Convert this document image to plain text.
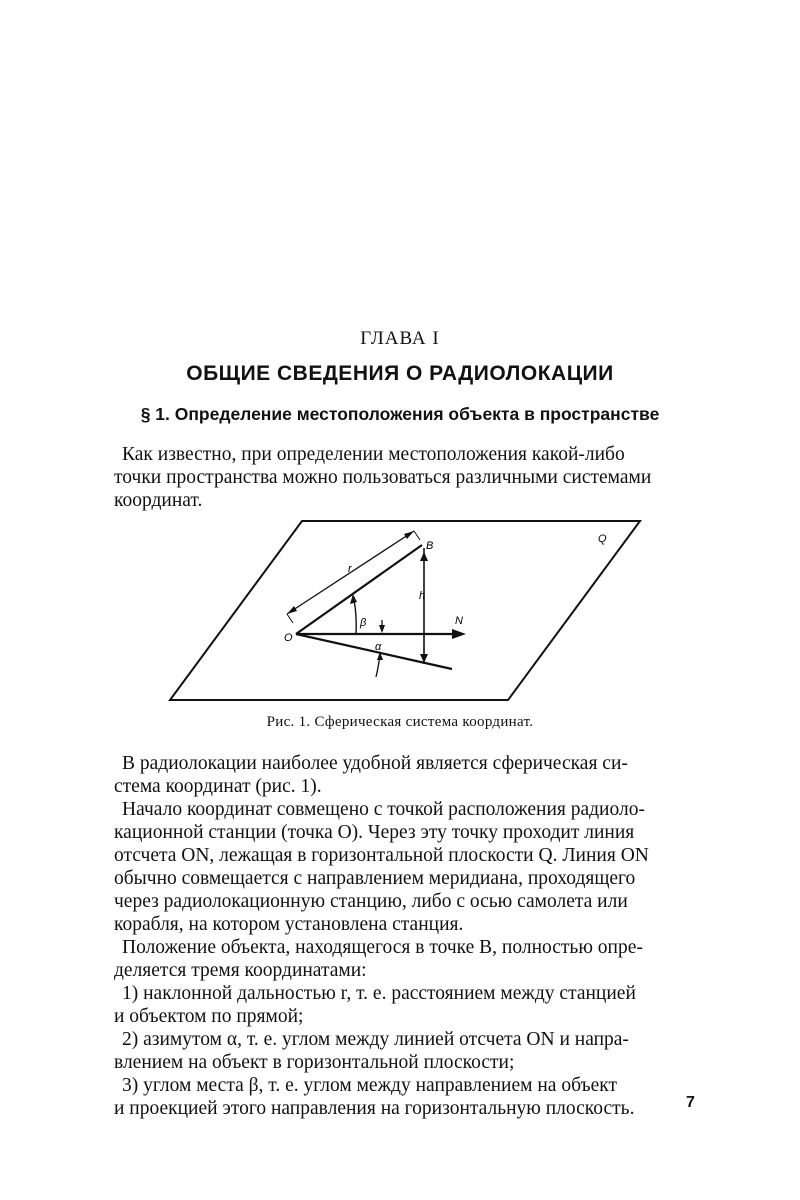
ГЛАВА I
ОБЩИЕ СВЕДЕНИЯ О РАДИОЛОКАЦИИ
§ 1. Определение местоположения объекта в пространстве
Как известно, при определении местоположения какой-либо
точки пространства можно пользоваться различными системами
координат.
Q
B
r
h
N
O
β
α
Рис. 1. Сферическая система координат.
В радиолокации наиболее удобной является сферическая си-
стема координат (рис. 1).
Начало координат совмещено с точкой расположения радиоло-
кационной станции (точка O). Через эту точку проходит линия
отсчета ON, лежащая в горизонтальной плоскости Q. Линия ON
обычно совмещается с направлением меридиана, проходящего
через радиолокационную станцию, либо с осью самолета или
корабля, на котором установлена станция.
Положение объекта, находящегося в точке B, полностью опре-
деляется тремя координатами:
1) наклонной дальностью r, т. е. расстоянием между станцией
и объектом по прямой;
2) азимутом α, т. е. углом между линией отсчета ON и напра-
влением на объект в горизонтальной плоскости;
3) углом места β, т. е. углом между направлением на объект
и проекцией этого направления на горизонтальную плоскость.	7
